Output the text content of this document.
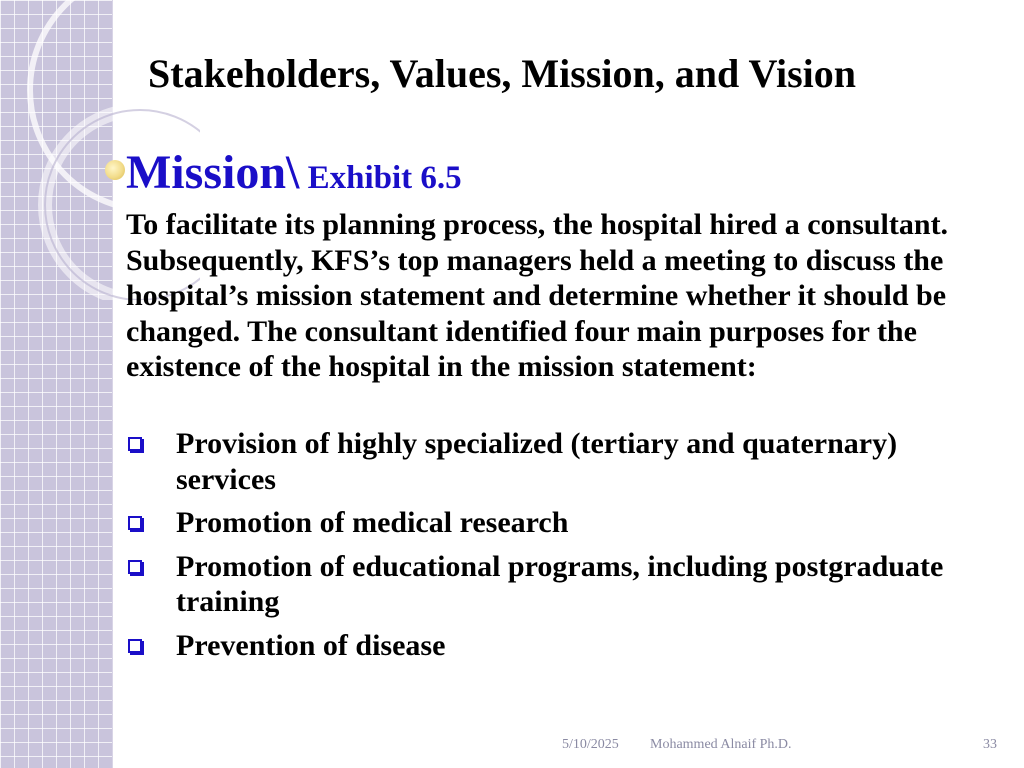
Stakeholders, Values, Mission, and Vision
Mission\ Exhibit 6.5
To facilitate its planning process, the hospital hired a consultant. Subsequently, KFS’s top managers held a meeting to discuss the hospital’s mission statement and determine whether it should be changed. The consultant identified four main purposes for the existence of the hospital in the mission statement:
Provision of highly specialized (tertiary and quaternary) services
Promotion of medical research
Promotion of educational programs, including postgraduate training
Prevention of disease
5/10/2025 Mohammed Alnaif Ph.D.	33
